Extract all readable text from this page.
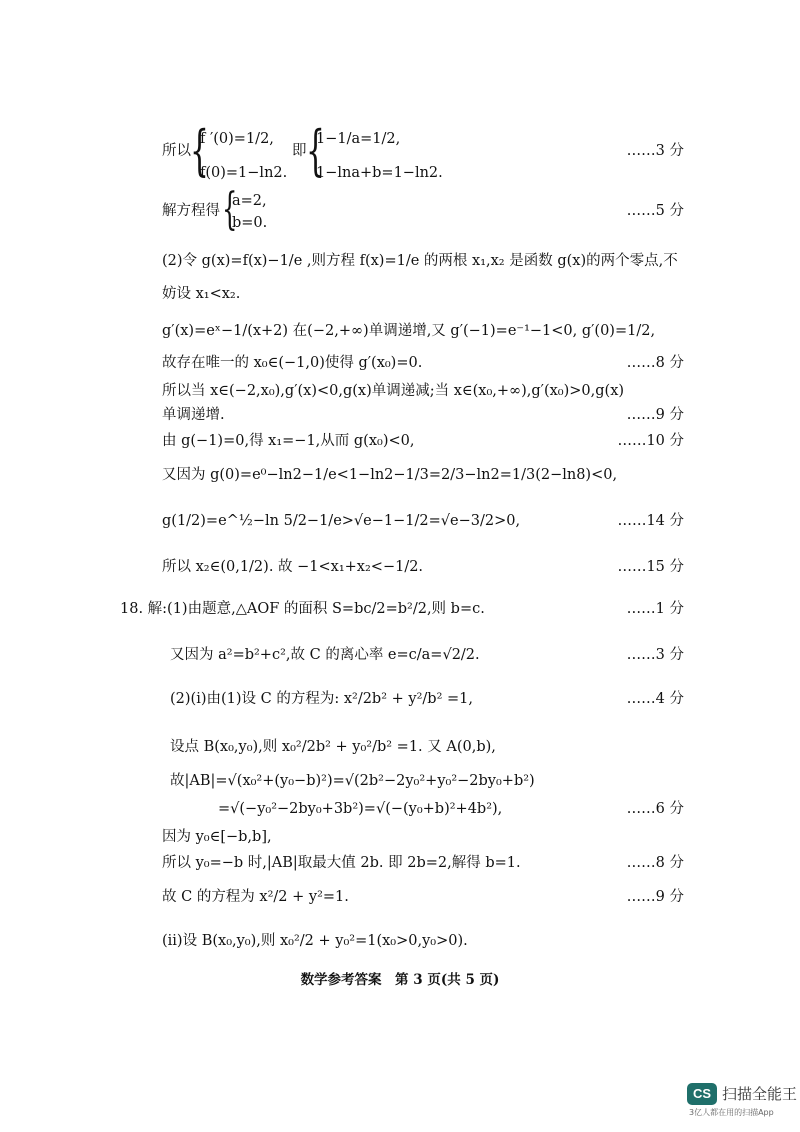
所以 {
f ′(0)=1/2,
f(0)=1−ln2.
即 {
1−1/a=1/2,
1−lna+b=1−ln2.
……3 分
解方程得 {
a=2,
b=0.
……5 分
(2)令 g(x)=f(x)−1/e ,则方程 f(x)=1/e 的两根 x₁,x₂ 是函数 g(x)的两个零点,不
妨设 x₁<x₂.
g′(x)=eˣ−1/(x+2) 在(−2,+∞)单调递增,又 g′(−1)=e⁻¹−1<0, g′(0)=1/2,
故存在唯一的 x₀∈(−1,0)使得 g′(x₀)=0.	……8 分
所以当 x∈(−2,x₀),g′(x)<0,g(x)单调递减;当 x∈(x₀,+∞),g′(x₀)>0,g(x)
单调递增.	……9 分
由 g(−1)=0,得 x₁=−1,从而 g(x₀)<0,	……10 分
又因为 g(0)=e⁰−ln2−1/e<1−ln2−1/3=2/3−ln2=1/3(2−ln8)<0,
g(1/2)=e^½−ln 5/2−1/e>√e−1−1/2=√e−3/2>0,	……14 分
所以 x₂∈(0,1/2). 故 −1<x₁+x₂<−1/2.	……15 分
18. 解:(1)由题意,△AOF 的面积 S=bc/2=b²/2,则 b=c.	……1 分
又因为 a²=b²+c²,故 C 的离心率 e=c/a=√2/2.	……3 分
(2)(i)由(1)设 C 的方程为: x²/2b² + y²/b² =1,	……4 分
设点 B(x₀,y₀),则 x₀²/2b² + y₀²/b² =1. 又 A(0,b),
故|AB|=√(x₀²+(y₀−b)²)=√(2b²−2y₀²+y₀²−2by₀+b²)
=√(−y₀²−2by₀+3b²)=√(−(y₀+b)²+4b²),	……6 分
因为 y₀∈[−b,b],
所以 y₀=−b 时,|AB|取最大值 2b. 即 2b=2,解得 b=1.	……8 分
故 C 的方程为 x²/2 + y²=1.	……9 分
(ii)设 B(x₀,y₀),则 x₀²/2 + y₀²=1(x₀>0,y₀>0).
数学参考答案　第 3 页(共 5 页)
CS 扫描全能王
3亿人都在用的扫描App
